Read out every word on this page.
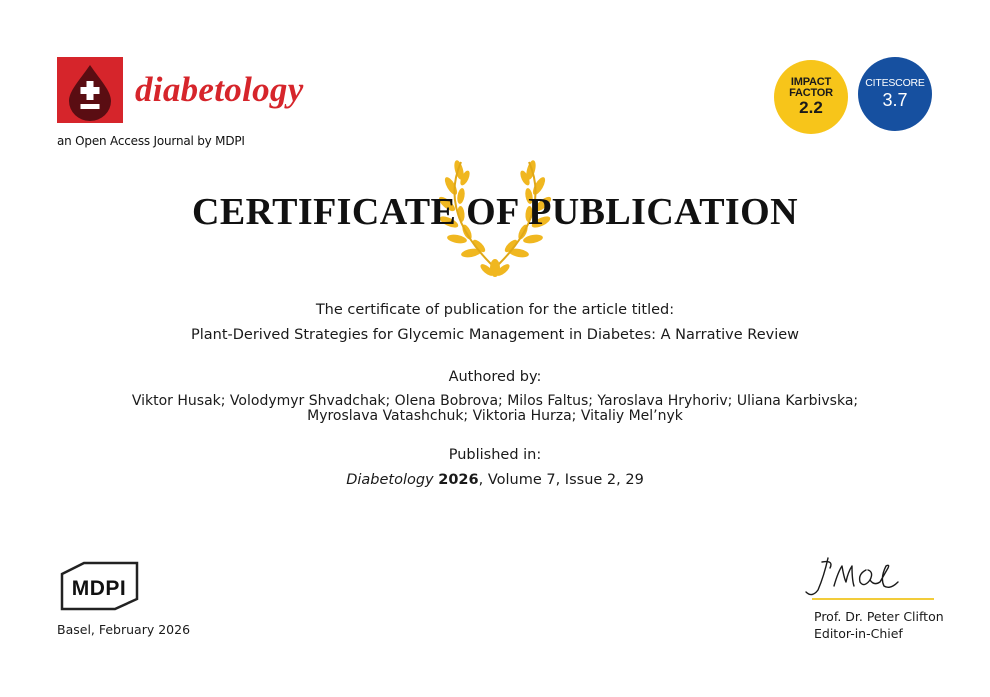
diabetology
an Open Access Journal by MDPI
IMPACT FACTOR
2.2
CITESCORE
3.7
CERTIFICATE OF PUBLICATION
The certificate of publication for the article titled:
Plant-Derived Strategies for Glycemic Management in Diabetes: A Narrative Review
Authored by:
Viktor Husak; Volodymyr Shvadchak; Olena Bobrova; Milos Faltus; Yaroslava Hryhoriv; Uliana Karbivska;
Myroslava Vatashchuk; Viktoria Hurza; Vitaliy Mel’nyk
Published in:
Diabetology 2026, Volume 7, Issue 2, 29
MDPI
Basel, February 2026
Prof. Dr. Peter Clifton
Editor-in-Chief
